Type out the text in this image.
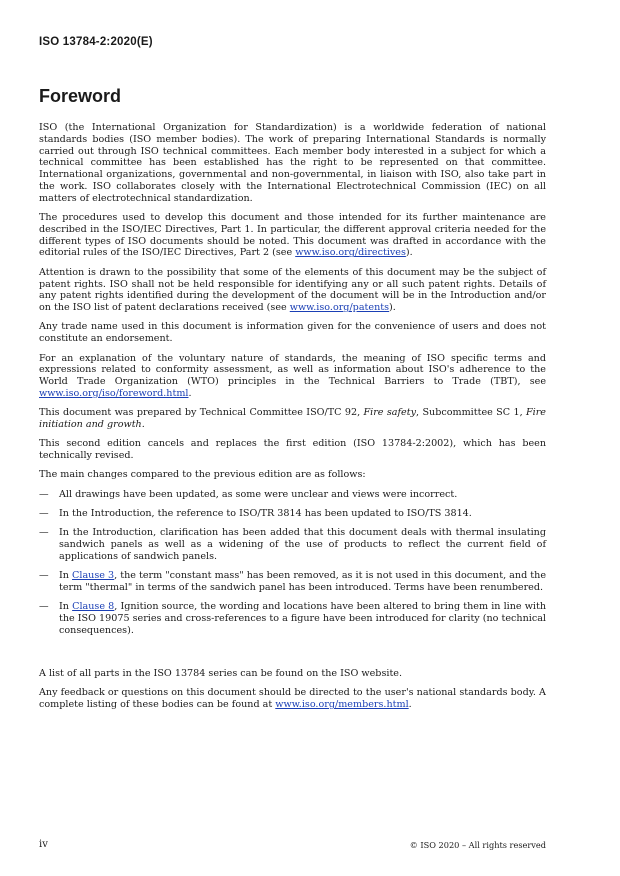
ISO 13784-2:2020(E)
Foreword

ISO (the International Organization for Standardization) is a worldwide federation of national standards bodies (ISO member bodies). The work of preparing International Standards is normally carried out through ISO technical committees. Each member body interested in a subject for which a technical committee has been established has the right to be represented on that committee. International organizations, governmental and non-governmental, in liaison with ISO, also take part in the work. ISO collaborates closely with the International Electrotechnical Commission (IEC) on all matters of electrotechnical standardization.

The procedures used to develop this document and those intended for its further maintenance are described in the ISO/IEC Directives, Part 1. In particular, the different approval criteria needed for the different types of ISO documents should be noted. This document was drafted in accordance with the editorial rules of the ISO/IEC Directives, Part 2 (see www.iso.org/directives).

Attention is drawn to the possibility that some of the elements of this document may be the subject of patent rights. ISO shall not be held responsible for identifying any or all such patent rights. Details of any patent rights identified during the development of the document will be in the Introduction and/or on the ISO list of patent declarations received (see www.iso.org/patents).

Any trade name used in this document is information given for the convenience of users and does not constitute an endorsement.

For an explanation of the voluntary nature of standards, the meaning of ISO specific terms and expressions related to conformity assessment, as well as information about ISO's adherence to the World Trade Organization (WTO) principles in the Technical Barriers to Trade (TBT), see www.iso.org/iso/foreword.html.

This document was prepared by Technical Committee ISO/TC 92, Fire safety, Subcommittee SC 1, Fire initiation and growth.

This second edition cancels and replaces the first edition (ISO 13784-2:2002), which has been technically revised.

The main changes compared to the previous edition are as follows:

— All drawings have been updated, as some were unclear and views were incorrect.
— In the Introduction, the reference to ISO/TR 3814 has been updated to ISO/TS 3814.
— In the Introduction, clarification has been added that this document deals with thermal insulating sandwich panels as well as a widening of the use of products to reflect the current field of applications of sandwich panels.
— In Clause 3, the term "constant mass" has been removed, as it is not used in this document, and the term "thermal" in terms of the sandwich panel has been introduced. Terms have been renumbered.
— In Clause 8, Ignition source, the wording and locations have been altered to bring them in line with the ISO 19075 series and cross-references to a figure have been introduced for clarity (no technical consequences).

A list of all parts in the ISO 13784 series can be found on the ISO website.

Any feedback or questions on this document should be directed to the user's national standards body. A complete listing of these bodies can be found at www.iso.org/members.html.

iv	© ISO 2020 – All rights reserved
